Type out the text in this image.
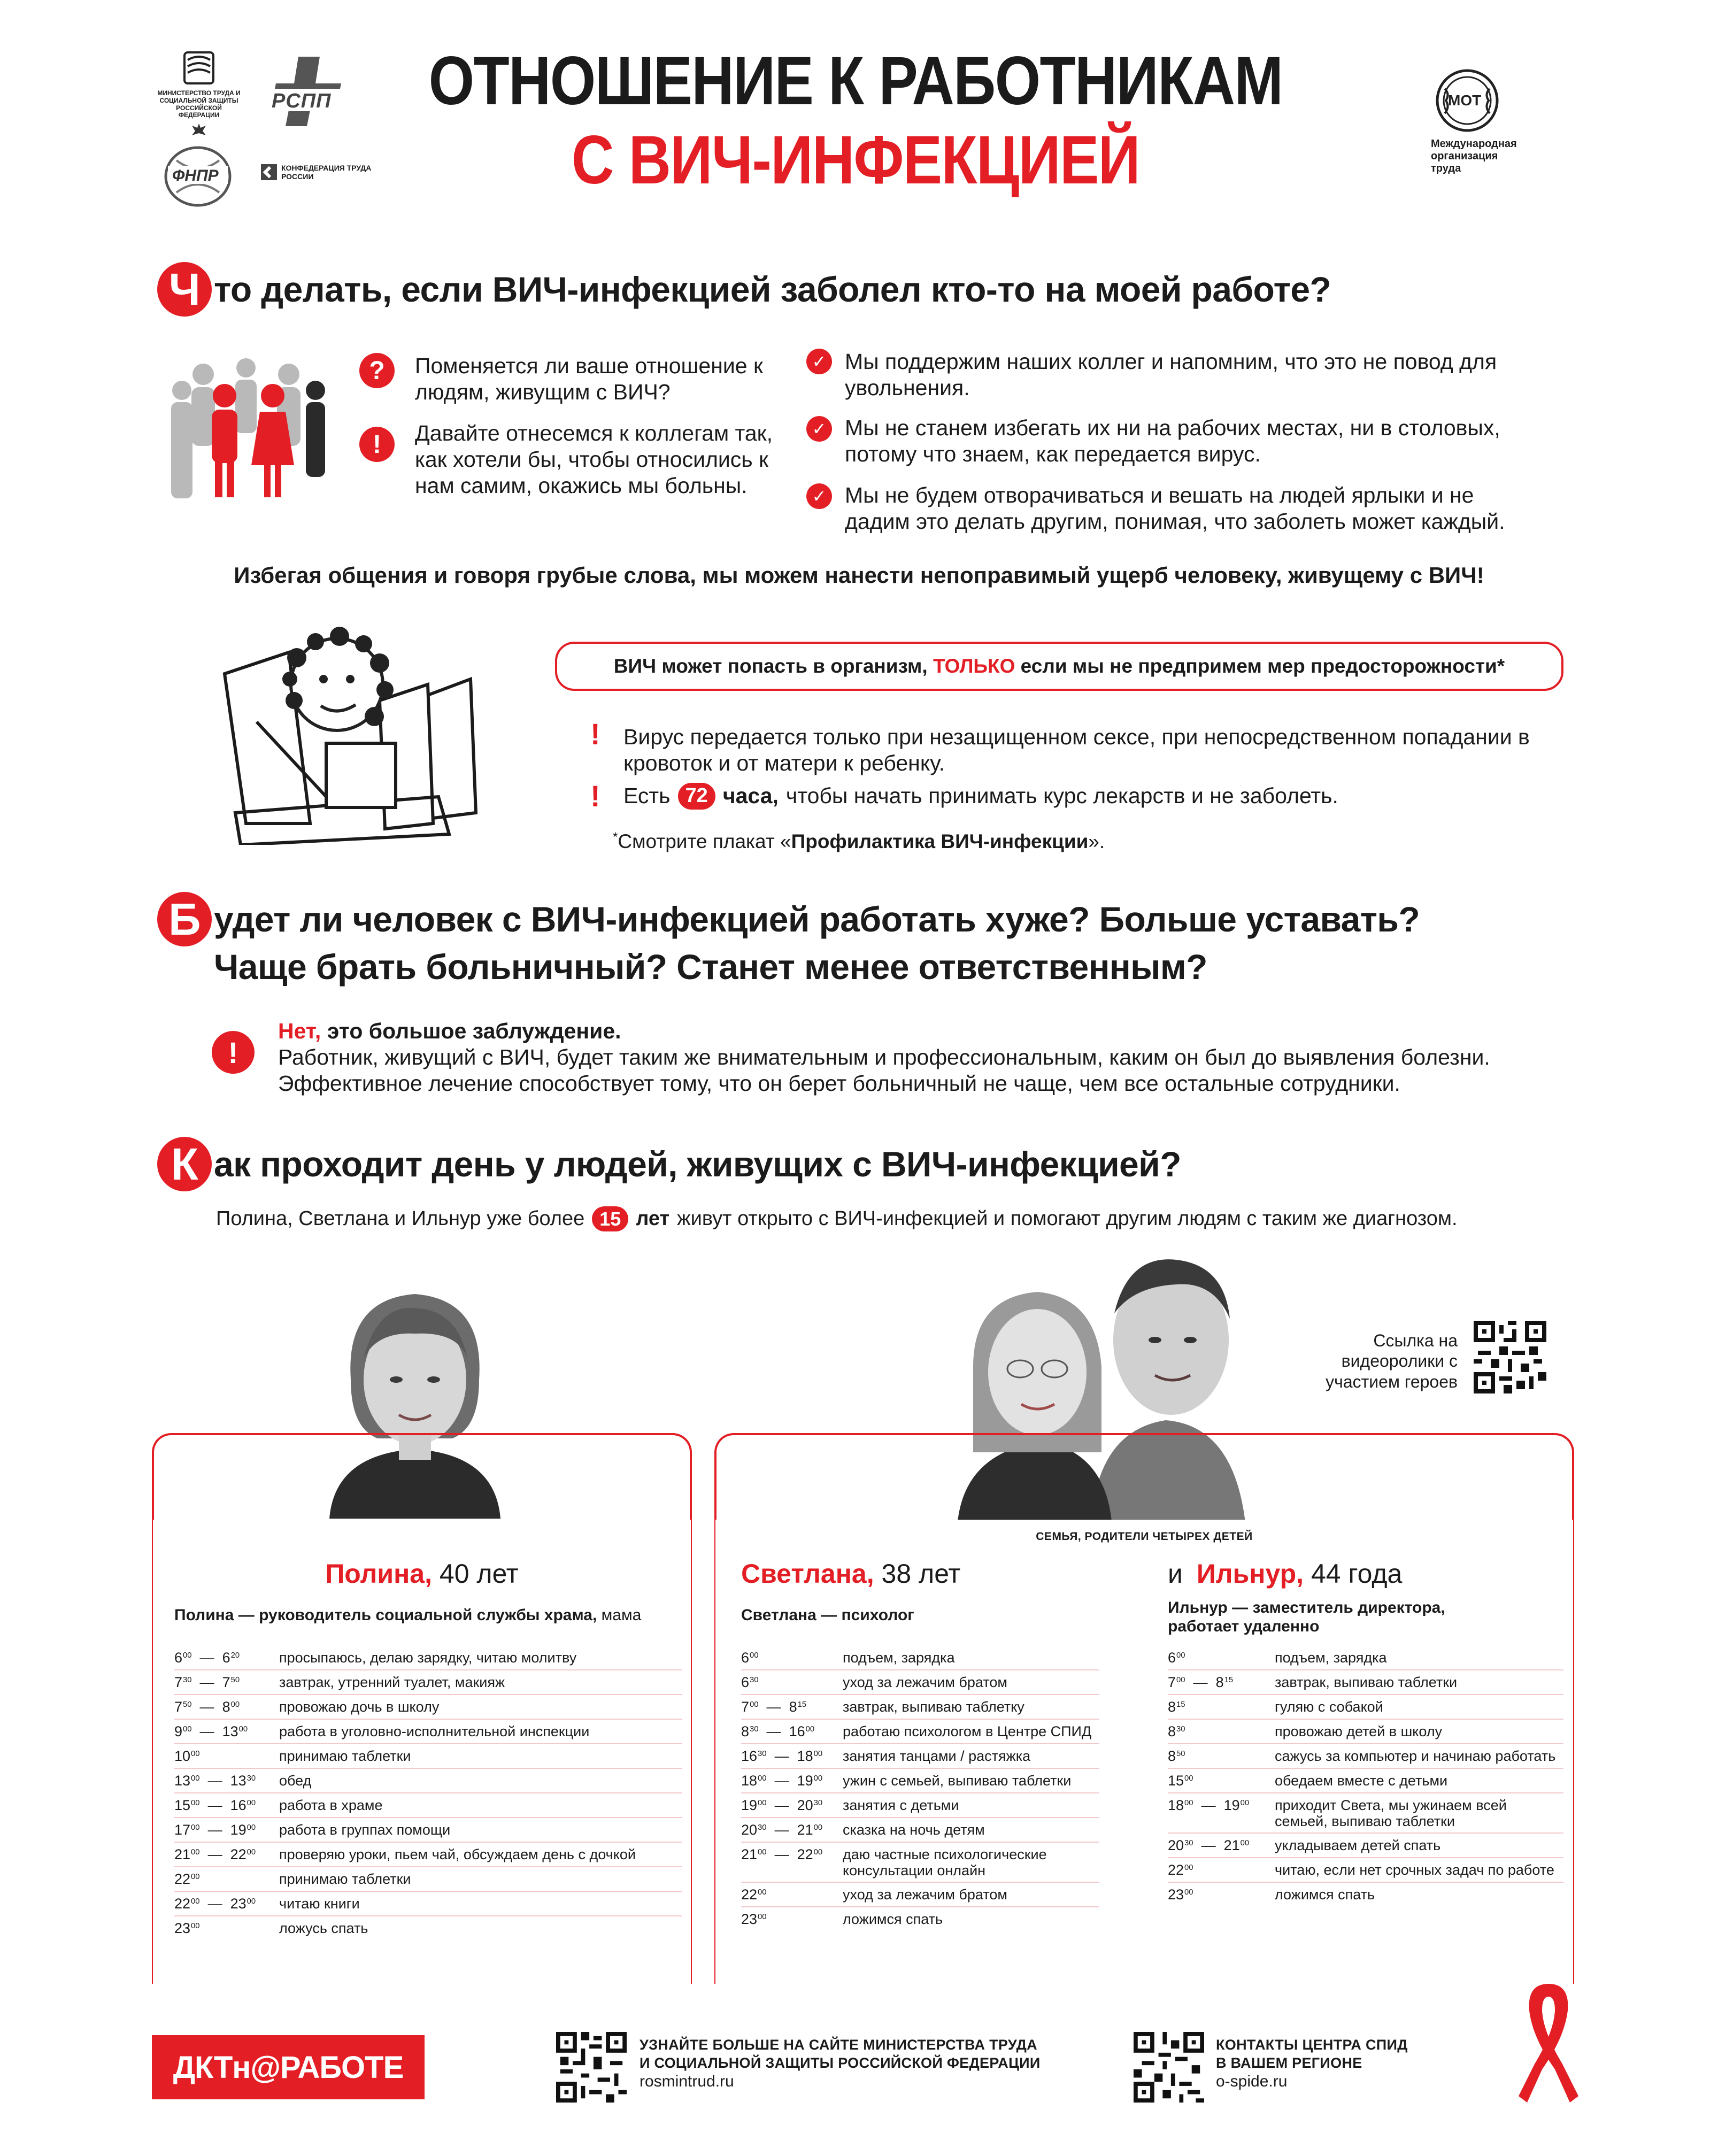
МИНИСТЕРСТВО ТРУДА И СОЦИАЛЬНОЙ ЗАЩИТЫ РОССИЙСКОЙ ФЕДЕРАЦИИ
РСПП
ФНПР	КОНФЕДЕРАЦИЯ ТРУДА РОССИИ
ОТНОШЕНИЕ К РАБОТНИКАМ
С ВИЧ-ИНФЕКЦИЕЙ
МОТ
Международная организация труда
Ч то делать, если ВИЧ-инфекцией заболел кто-то на моей работе?
?	Поменяется ли ваше отношение к людям, живущим с ВИЧ?
!	Давайте отнесемся к коллегам так, как хотели бы, чтобы относились к нам самим, окажись мы больны.
✓ Мы поддержим наших коллег и напомним, что это не повод для увольнения.
✓ Мы не станем избегать их ни на рабочих местах, ни в столовых, потому что знаем, как передается вирус.
✓ Мы не будем отворачиваться и вешать на людей ярлыки и не дадим это делать другим, понимая, что заболеть может каждый.
Избегая общения и говоря грубые слова, мы можем нанести непоправимый ущерб человеку, живущему с ВИЧ!
ВИЧ может попасть в организм, ТОЛЬКО если мы не предпримем мер предосторожности*
! Вирус передается только при незащищенном сексе, при непосредственном попадании в кровоток и от матери к ребенку.
! Есть 72 часа, чтобы начать принимать курс лекарств и не заболеть.
*Смотрите плакат «Профилактика ВИЧ-инфекции».
Б удет ли человек с ВИЧ-инфекцией работать хуже? Больше уставать?
Чаще брать больничный? Станет менее ответственным?
!
Нет, это большое заблуждение.
Работник, живущий с ВИЧ, будет таким же внимательным и профессиональным, каким он был до выявления болезни.
Эффективное лечение способствует тому, что он берет больничный не чаще, чем все остальные сотрудники.
К ак проходит день у людей, живущих с ВИЧ-инфекцией?
Полина, Светлана и Ильнур уже более 15 лет живут открыто с ВИЧ-инфекцией и помогают другим людям с таким же диагнозом.
Ссылка на видеоролики с участием героев
Полина, 40 лет
Полина — руководитель социальной службы храма, мама
$6^{00}$  —  $6^{20}$	просыпаюсь, делаю зарядку, читаю молитву
$7^{30}$  —  $7^{50}$	завтрак, утренний туалет, макияж
$7^{50}$  —  $8^{00}$	провожаю дочь в школу
$9^{00}$  —  $13^{00}$	работа в уголовно-исполнительной инспекции
$10^{00}$	принимаю таблетки
$13^{00}$  —  $13^{30}$	обед
$15^{00}$  —  $16^{00}$	работа в храме
$17^{00}$  —  $19^{00}$	работа в группах помощи
$21^{00}$  —  $22^{00}$	проверяю уроки, пьем чай, обсуждаем день с дочкой
$22^{00}$	принимаю таблетки
$22^{00}$  —  $23^{00}$	читаю книги
$23^{00}$	ложусь спать
СЕМЬЯ, РОДИТЕЛИ ЧЕТЫРЕХ ДЕТЕЙ
Светлана, 38 лет	и Ильнур, 44 года
Светлана — психолог	Ильнур — заместитель директора, работает удаленно
$6^{00}$	подъем, зарядка
$6^{30}$	уход за лежачим братом
$7^{00}$  —  $8^{15}$	завтрак, выпиваю таблетку
$8^{30}$  —  $16^{00}$	работаю психологом в Центре СПИД
$16^{30}$  —  $18^{00}$	занятия танцами / растяжка
$18^{00}$  —  $19^{00}$	ужин с семьей, выпиваю таблетки
$19^{00}$  —  $20^{30}$	занятия с детьми
$20^{30}$  —  $21^{00}$	сказка на ночь детям
$21^{00}$  —  $22^{00}$	даю частные психологические консультации онлайн
$22^{00}$	уход за лежачим братом
$23^{00}$	ложимся спать
$6^{00}$	подъем, зарядка
$7^{00}$  —  $8^{15}$	завтрак, выпиваю таблетки
$8^{15}$	гуляю с собакой
$8^{30}$	провожаю детей в школу
$8^{50}$	сажусь за компьютер и начинаю работать
$15^{00}$	обедаем вместе с детьми
$18^{00}$  —  $19^{00}$	приходит Света, мы ужинаем всей семьей, выпиваю таблетки
$20^{30}$  —  $21^{00}$	укладываем детей спать
$22^{00}$	читаю, если нет срочных задач по работе
$23^{00}$	ложимся спать
ДКТн@РАБОТЕ
УЗНАЙТЕ БОЛЬШЕ НА САЙТЕ МИНИСТЕРСТВА ТРУДА
И СОЦИАЛЬНОЙ ЗАЩИТЫ РОССИЙСКОЙ ФЕДЕРАЦИИ
rosmintrud.ru
КОНТАКТЫ ЦЕНТРА СПИД
В ВАШЕМ РЕГИОНЕ
o-spide.ru
